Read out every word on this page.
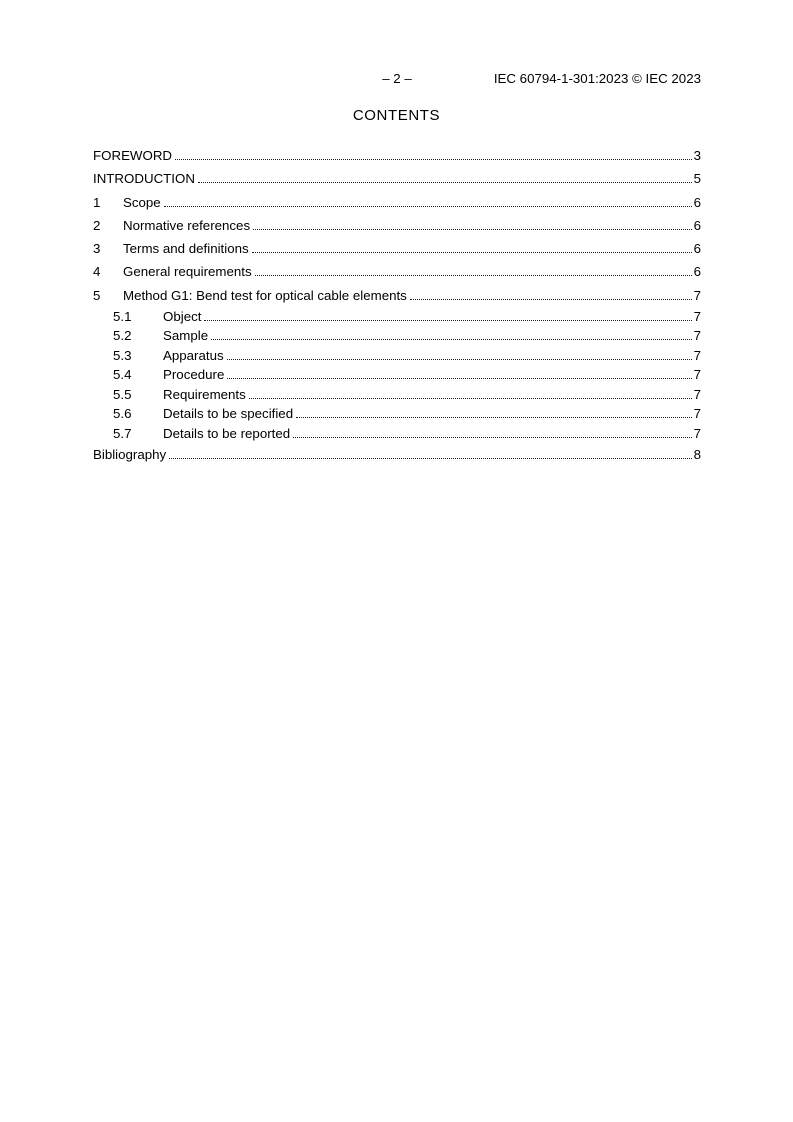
– 2 –	IEC 60794-1-301:2023 © IEC 2023
CONTENTS
FOREWORD	3
INTRODUCTION	5
1	Scope	6
2	Normative references	6
3	Terms and definitions	6
4	General requirements	6
5	Method G1: Bend test for optical cable elements	7
5.1	Object	7
5.2	Sample	7
5.3	Apparatus	7
5.4	Procedure	7
5.5	Requirements	7
5.6	Details to be specified	7
5.7	Details to be reported	7
Bibliography	8
